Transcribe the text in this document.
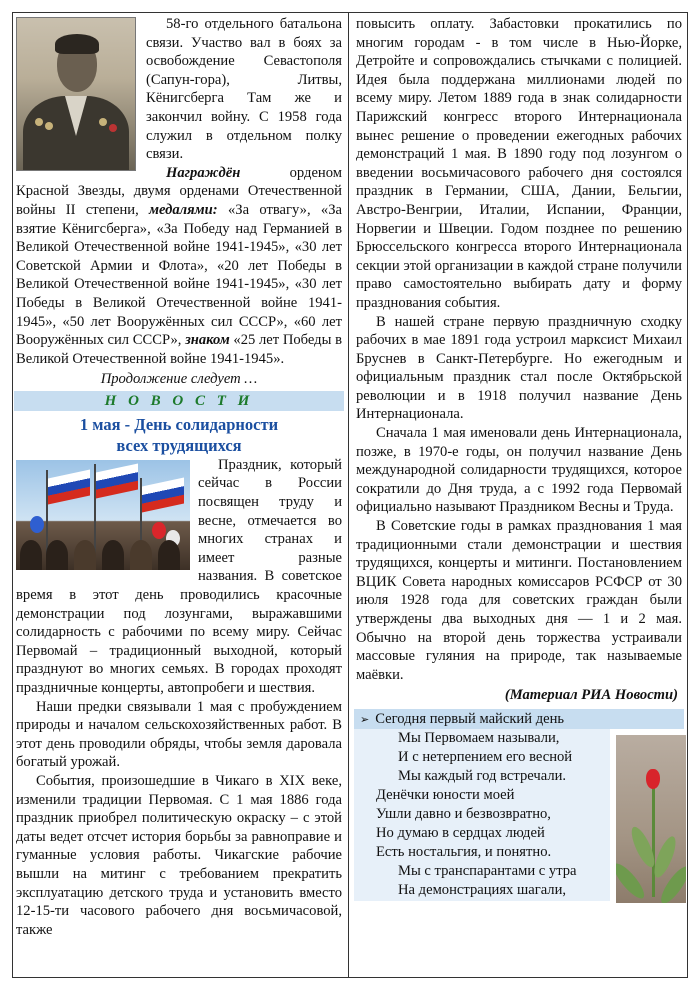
58-го отдельного батальона связи. Участво вал в боях за освобождение Севастополя (Сапун-гора), Литвы, Кёнигсберга Там же и закончил войну. С 1958 года служил в отдельном полку связи.

Награждён орденом Красной Звезды, двумя орденами Отечественной войны II степени, медалями: «За отвагу», «За взятие Кёнигсберга», «За Победу над Германией в Великой Отечественной войне 1941-1945», «30 лет Советской Армии и Флота», «20 лет Победы в Великой Отечественной войне 1941-1945», «30 лет Победы в Великой Отечественной войне 1941-1945», «50 лет Вооружённых сил СССР», «60 лет Вооружённых сил СССР», знаком «25 лет Победы в Великой Отечественной войне 1941-1945».

Продолжение следует …
Н О В О С Т И
1 мая - День солидарности
всех трудящихся

Праздник, который сейчас в России посвящен труду и весне, отмечается во многих странах и имеет разные названия. В советское время в этот день проводились красочные демонстрации под лозунгами, выражавшими солидарность с рабочими по всему миру. Сейчас Первомай – традиционный выходной, который празднуют во многих семьях. В городах проходят праздничные концерты, автопробеги и шествия.

Наши предки связывали 1 мая с пробуждением природы и началом сельскохозяйственных работ. В этот день проводили обряды, чтобы земля даровала богатый урожай.

События, произошедшие в Чикаго в XIX веке, изменили традиции Первомая. С 1 мая 1886 года праздник приобрел политическую окраску – с этой даты ведет отсчет история борьбы за равноправие и гуманные условия работы. Чикагские рабочие вышли на митинг с требованием прекратить эксплуатацию детского труда и установить вместо 12-15-ти часового рабочего дня восьмичасовой, также

повысить оплату. Забастовки прокатились по многим городам - в том числе в Нью-Йорке, Детройте и сопровождались стычками с полицией. Идея была поддержана миллионами людей по всему миру. Летом 1889 года в знак солидарности Парижский конгресс второго Интернационала вынес решение о проведении ежегодных рабочих демонстраций 1 мая. В 1890 году под лозунгом о введении восьмичасового рабочего дня состоялся праздник в Германии, США, Дании, Бельгии, Австро-Венгрии, Италии, Испании, Франции, Норвегии и Швеции. Годом позднее по решению Брюссельского конгресса второго Интернационала секции этой организации в каждой стране получили право самостоятельно выбирать дату и форму празднования события.

В нашей стране первую праздничную сходку рабочих в мае 1891 года устроил марксист Михаил Бруснев в Санкт-Петербурге. Но ежегодным и официальным праздник стал после Октябрьской революции и в 1918 получил название День Интернационала.

Сначала 1 мая именовали день Интернационала, позже, в 1970-е годы, он получил название День международной солидарности трудящихся, которое сократили до Дня труда, а с 1992 года Первомай официально называют Праздником Весны и Труда.

В Советские годы в рамках празднования 1 мая традиционными стали демонстрации и шествия трудящихся, концерты и митинги. Постановлением ВЦИК Совета народных комиссаров РСФСР от 30 июля 1928 года для советских граждан были утверждены два выходных дня — 1 и 2 мая. Обычно на второй день торжества устраивали массовые гуляния на природе, так называемые маёвки.

(Материал РИА Новости)
➢ Сегодня первый майский день
Мы Первомаем называли,
И с нетерпением его весной
Мы каждый год встречали.
Денёчки юности моей
Ушли давно и безвозвратно,
Но думаю в сердцах людей
Есть ностальгия, и понятно.
Мы с транспарантами с утра
На демонстрациях шагали,
